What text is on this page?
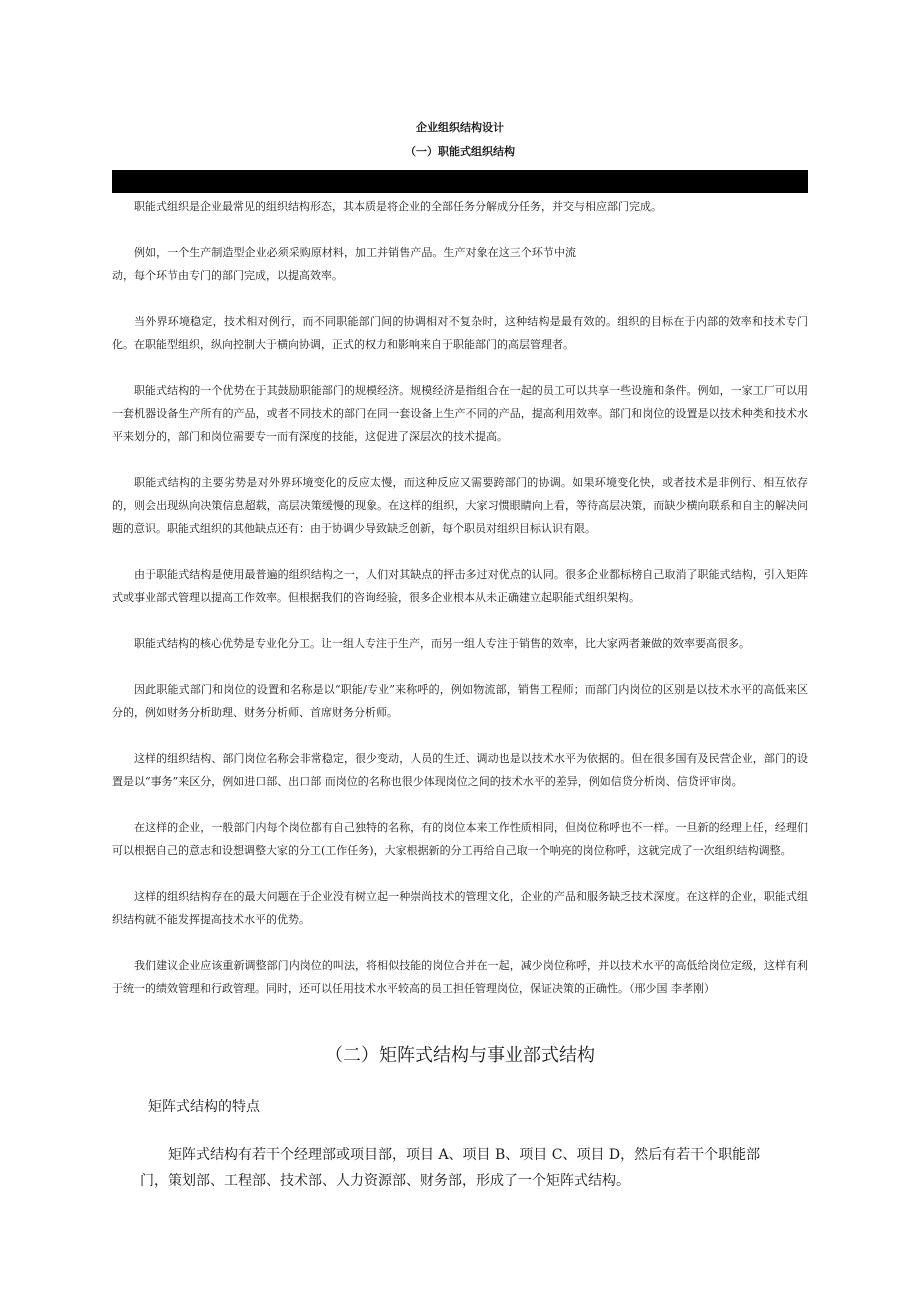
企业组织结构设计
（一）职能式组织结构

职能式组织是企业最常见的组织结构形态，其本质是将企业的全部任务分解成分任务，并交与相应部门完成。

例如，一个生产制造型企业必须采购原材料，加工并销售产品。生产对象在这三个环节中流动，每个环节由专门的部门完成，以提高效率。

当外界环境稳定，技术相对例行，而不同职能部门间的协调相对不复杂时，这种结构是最有效的。组织的目标在于内部的效率和技术专门化。在职能型组织，纵向控制大于横向协调，正式的权力和影响来自于职能部门的高层管理者。

职能式结构的一个优势在于其鼓励职能部门的规模经济。规模经济是指组合在一起的员工可以共享一些设施和条件。例如，一家工厂可以用一套机器设备生产所有的产品，或者不同技术的部门在同一套设备上生产不同的产品，提高利用效率。部门和岗位的设置是以技术种类和技术水平来划分的，部门和岗位需要专一而有深度的技能，这促进了深层次的技术提高。

职能式结构的主要劣势是对外界环境变化的反应太慢，而这种反应又需要跨部门的协调。如果环境变化快，或者技术是非例行、相互依存的，则会出现纵向决策信息超载，高层决策缓慢的现象。在这样的组织，大家习惯眼睛向上看，等待高层决策，而缺少横向联系和自主的解决问题的意识。职能式组织的其他缺点还有：由于协调少导致缺乏创新，每个职员对组织目标认识有限。

由于职能式结构是使用最普遍的组织结构之一，人们对其缺点的抨击多过对优点的认同。很多企业都标榜自己取消了职能式结构，引入矩阵式或事业部式管理以提高工作效率。但根据我们的咨询经验，很多企业根本从未正确建立起职能式组织架构。

职能式结构的核心优势是专业化分工。让一组人专注于生产，而另一组人专注于销售的效率，比大家两者兼做的效率要高很多。

因此职能式部门和岗位的设置和名称是以“职能/专业”来称呼的，例如物流部，销售工程师；而部门内岗位的区别是以技术水平的高低来区分的，例如财务分析助理、财务分析师、首席财务分析师。

这样的组织结构、部门岗位名称会非常稳定，很少变动，人员的生迁、调动也是以技术水平为依据的。但在很多国有及民营企业，部门的设置是以“事务”来区分，例如进口部、出口部 而岗位的名称也很少体现岗位之间的技术水平的差异，例如信贷分析岗、信贷评审岗。

在这样的企业，一般部门内每个岗位都有自己独特的名称，有的岗位本来工作性质相同，但岗位称呼也不一样。一旦新的经理上任，经理们可以根据自己的意志和设想调整大家的分工(工作任务)，大家根据新的分工再给自己取一个响亮的岗位称呼，这就完成了一次组织结构调整。

这样的组织结构存在的最大问题在于企业没有树立起一种崇尚技术的管理文化，企业的产品和服务缺乏技术深度。在这样的企业，职能式组织结构就不能发挥提高技术水平的优势。

我们建议企业应该重新调整部门内岗位的叫法，将相似技能的岗位合并在一起，减少岗位称呼，并以技术水平的高低给岗位定级，这样有利于统一的绩效管理和行政管理。同时，还可以任用技术水平较高的员工担任管理岗位，保证决策的正确性。（邢少国 李孝刚）

（二）矩阵式结构与事业部式结构
矩阵式结构的特点

矩阵式结构有若干个经理部或项目部，项目 A、项目 B、项目 C、项目 D，然后有若干个职能部门，策划部、工程部、技术部、人力资源部、财务部，形成了一个矩阵式结构。
